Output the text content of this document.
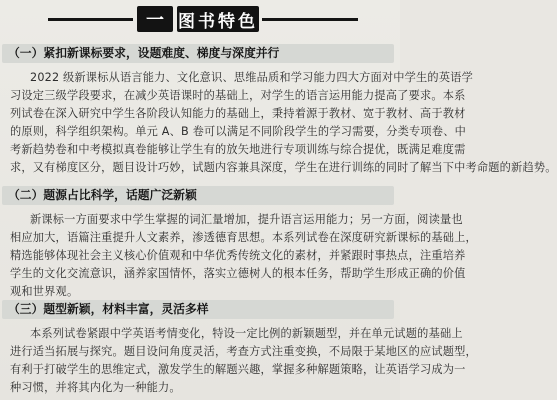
一 图书特色
（一）紧扣新课标要求，设题难度、梯度与深度并行
2022 级新课标从语言能力、文化意识、思维品质和学习能力四大方面对中学生的英语学
习设定三级学段要求，在减少英语课时的基础上，对学生的语言运用能力提高了要求。本系
列试卷在深入研究中学生各阶段认知能力的基础上，秉持着源于教材、宽于教材、高于教材
的原则，科学组织架构。单元 A、B 卷可以满足不同阶段学生的学习需要，分类专项卷、中
考新趋势卷和中考模拟真卷能够让学生有的放矢地进行专项训练与综合提优，既满足难度需
求，又有梯度区分，题目设计巧妙，试题内容兼具深度，学生在进行训练的同时了解当下中考命题的新趋势。
（二）题源占比科学，话题广泛新颖
新课标一方面要求中学生掌握的词汇量增加，提升语言运用能力；另一方面，阅读量也
相应加大，语篇注重提升人文素养，渗透德育思想。本系列试卷在深度研究新课标的基础上，
精选能够体现社会主义核心价值观和中华优秀传统文化的素材，并紧跟时事热点，注重培养
学生的文化交流意识，涵养家国情怀，落实立德树人的根本任务，帮助学生形成正确的价值
观和世界观。
（三）题型新颖，材料丰富，灵活多样
本系列试卷紧跟中学英语考情变化，特设一定比例的新颖题型，并在单元试题的基础上
进行适当拓展与探究。题目设问角度灵活，考查方式注重变换，不局限于某地区的应试题型，
有利于打破学生的思维定式，激发学生的解题兴趣，掌握多种解题策略，让英语学习成为一
种习惯，并将其内化为一种能力。
